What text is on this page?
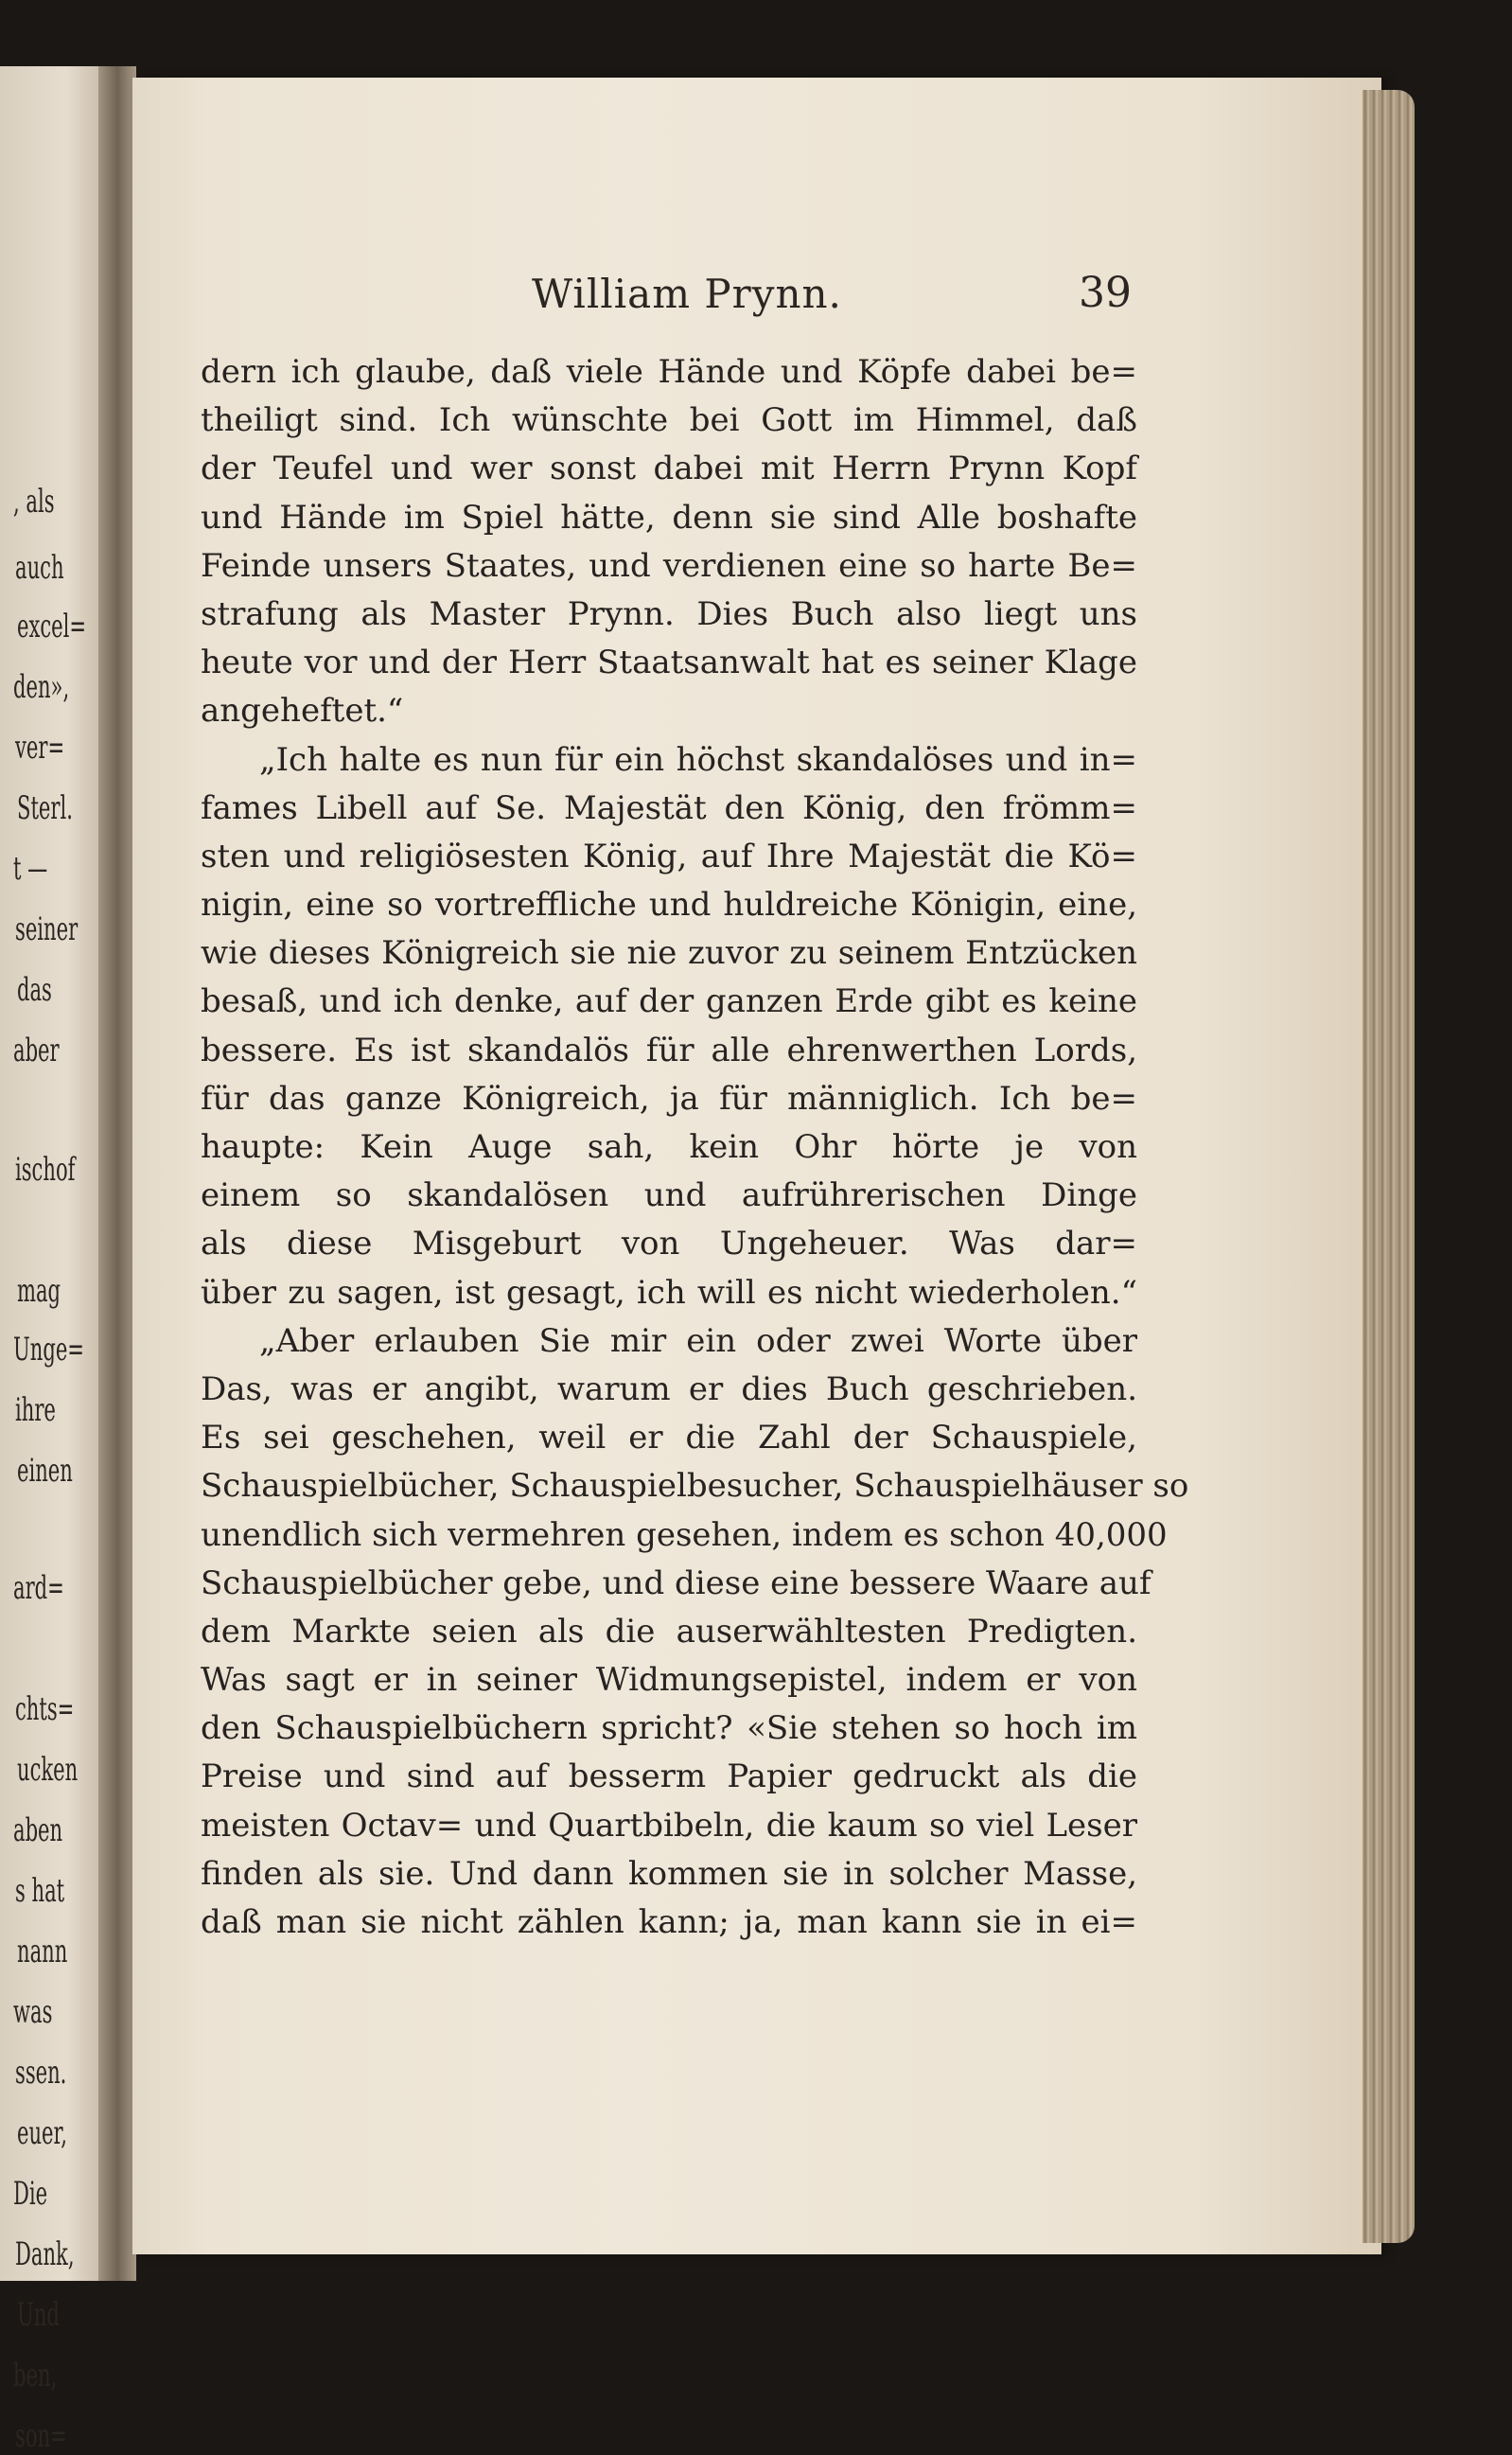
, als

auch

excel=

den»,

ver=

Sterl.

t —

seiner

das

aber

ischof

mag

Unge=

ihre

einen

ard=

chts=

ucken

aben

s hat

nann

was

ssen.

euer,

Die

Dank,

Und

ben,

son=

William Prynn.	39

dern ich glaube, daß viele Hände und Köpfe dabei be=

theiligt sind. Ich wünschte bei Gott im Himmel, daß

der Teufel und wer sonst dabei mit Herrn Prynn Kopf

und Hände im Spiel hätte, denn sie sind Alle boshafte

Feinde unsers Staates, und verdienen eine so harte Be=

strafung als Master Prynn. Dies Buch also liegt uns

heute vor und der Herr Staatsanwalt hat es seiner Klage

angeheftet.“

„Ich halte es nun für ein höchst skandalöses und in=

fames Libell auf Se. Majestät den König, den frömm=

sten und religiösesten König, auf Ihre Majestät die Kö=

nigin, eine so vortreffliche und huldreiche Königin, eine,

wie dieses Königreich sie nie zuvor zu seinem Entzücken

besaß, und ich denke, auf der ganzen Erde gibt es keine

bessere. Es ist skandalös für alle ehrenwerthen Lords,

für das ganze Königreich, ja für männiglich. Ich be=

haupte: Kein Auge sah, kein Ohr hörte je von

einem so skandalösen und aufrührerischen Dinge

als diese Misgeburt von Ungeheuer. Was dar=

über zu sagen, ist gesagt, ich will es nicht wiederholen.“

„Aber erlauben Sie mir ein oder zwei Worte über

Das, was er angibt, warum er dies Buch geschrieben.

Es sei geschehen, weil er die Zahl der Schauspiele,

Schauspielbücher, Schauspielbesucher, Schauspielhäuser so

unendlich sich vermehren gesehen, indem es schon 40,000

Schauspielbücher gebe, und diese eine bessere Waare auf

dem Markte seien als die auserwähltesten Predigten.

Was sagt er in seiner Widmungsepistel, indem er von

den Schauspielbüchern spricht? «Sie stehen so hoch im

Preise und sind auf besserm Papier gedruckt als die

meisten Octav= und Quartbibeln, die kaum so viel Leser

finden als sie. Und dann kommen sie in solcher Masse,

daß man sie nicht zählen kann; ja, man kann sie in ei=
